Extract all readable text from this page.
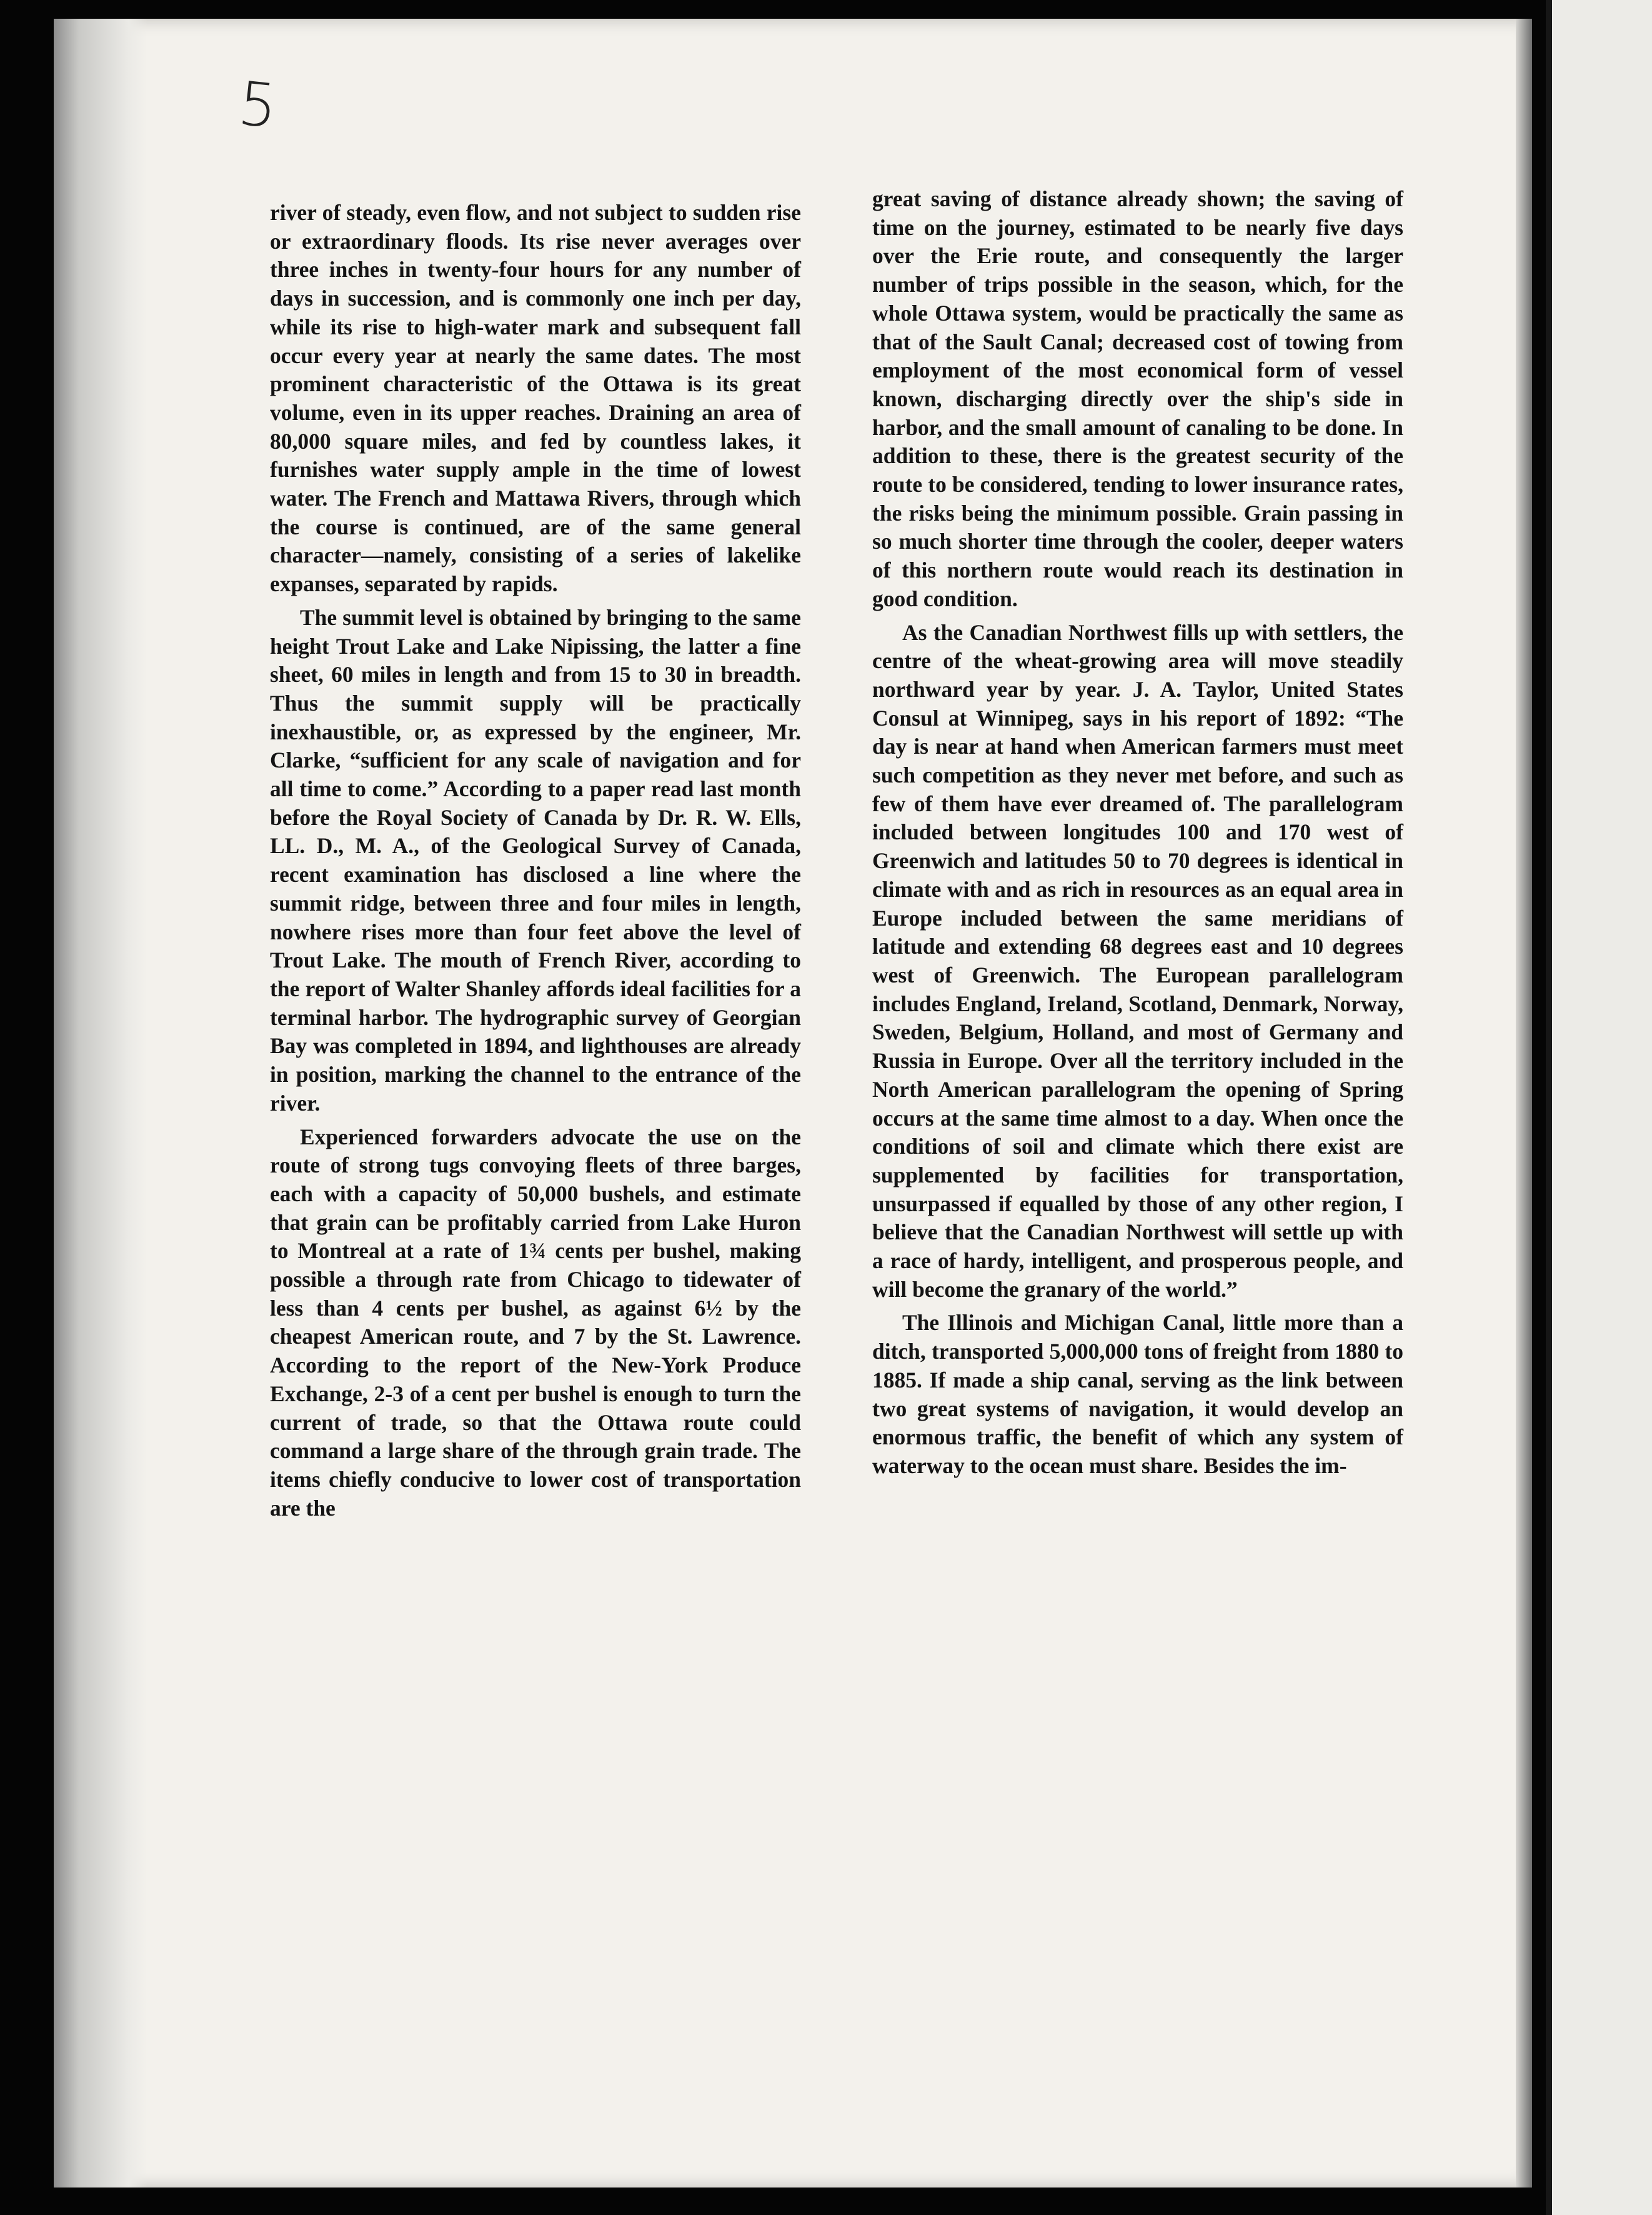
5

river of steady, even flow, and not subject to sudden rise or extraordinary floods. Its rise never averages over three inches in twenty-four hours for any number of days in succession, and is commonly one inch per day, while its rise to high-water mark and subsequent fall occur every year at nearly the same dates. The most prominent characteristic of the Ottawa is its great volume, even in its upper reaches. Draining an area of 80,000 square miles, and fed by countless lakes, it furnishes water supply ample in the time of lowest water. The French and Mattawa Rivers, through which the course is continued, are of the same general character—namely, consisting of a series of lakelike expanses, separated by rapids.

The summit level is obtained by bringing to the same height Trout Lake and Lake Nipissing, the latter a fine sheet, 60 miles in length and from 15 to 30 in breadth. Thus the summit supply will be practically inexhaustible, or, as expressed by the engineer, Mr. Clarke, “sufficient for any scale of navigation and for all time to come.” According to a paper read last month before the Royal Society of Canada by Dr. R. W. Ells, LL. D., M. A., of the Geological Survey of Canada, recent examination has disclosed a line where the summit ridge, between three and four miles in length, nowhere rises more than four feet above the level of Trout Lake. The mouth of French River, according to the report of Walter Shanley affords ideal facilities for a terminal harbor. The hydrographic survey of Georgian Bay was completed in 1894, and lighthouses are already in position, marking the channel to the entrance of the river.

Experienced forwarders advocate the use on the route of strong tugs convoying fleets of three barges, each with a capacity of 50,000 bushels, and estimate that grain can be profitably carried from Lake Huron to Montreal at a rate of 1¾ cents per bushel, making possible a through rate from Chicago to tidewater of less than 4 cents per bushel, as against 6½ by the cheapest American route, and 7 by the St. Lawrence. According to the report of the New-York Produce Exchange, 2-3 of a cent per bushel is enough to turn the current of trade, so that the Ottawa route could command a large share of the through grain trade. The items chiefly conducive to lower cost of transportation are the

great saving of distance already shown; the saving of time on the journey, estimated to be nearly five days over the Erie route, and consequently the larger number of trips possible in the season, which, for the whole Ottawa system, would be practically the same as that of the Sault Canal; decreased cost of towing from employment of the most economical form of vessel known, discharging directly over the ship's side in harbor, and the small amount of canaling to be done. In addition to these, there is the greatest security of the route to be considered, tending to lower insurance rates, the risks being the minimum possible. Grain passing in so much shorter time through the cooler, deeper waters of this northern route would reach its destination in good condition.

As the Canadian Northwest fills up with settlers, the centre of the wheat-growing area will move steadily northward year by year. J. A. Taylor, United States Consul at Winnipeg, says in his report of 1892: “The day is near at hand when American farmers must meet such competition as they never met before, and such as few of them have ever dreamed of. The parallelogram included between longitudes 100 and 170 west of Greenwich and latitudes 50 to 70 degrees is identical in climate with and as rich in resources as an equal area in Europe included between the same meridians of latitude and extending 68 degrees east and 10 degrees west of Greenwich. The European parallelogram includes England, Ireland, Scotland, Denmark, Norway, Sweden, Belgium, Holland, and most of Germany and Russia in Europe. Over all the territory included in the North American parallelogram the opening of Spring occurs at the same time almost to a day. When once the conditions of soil and climate which there exist are supplemented by facilities for transportation, unsurpassed if equalled by those of any other region, I believe that the Canadian Northwest will settle up with a race of hardy, intelligent, and prosperous people, and will become the granary of the world.”

The Illinois and Michigan Canal, little more than a ditch, transported 5,000,000 tons of freight from 1880 to 1885. If made a ship canal, serving as the link between two great systems of navigation, it would develop an enormous traffic, the benefit of which any system of waterway to the ocean must share. Besides the im-
